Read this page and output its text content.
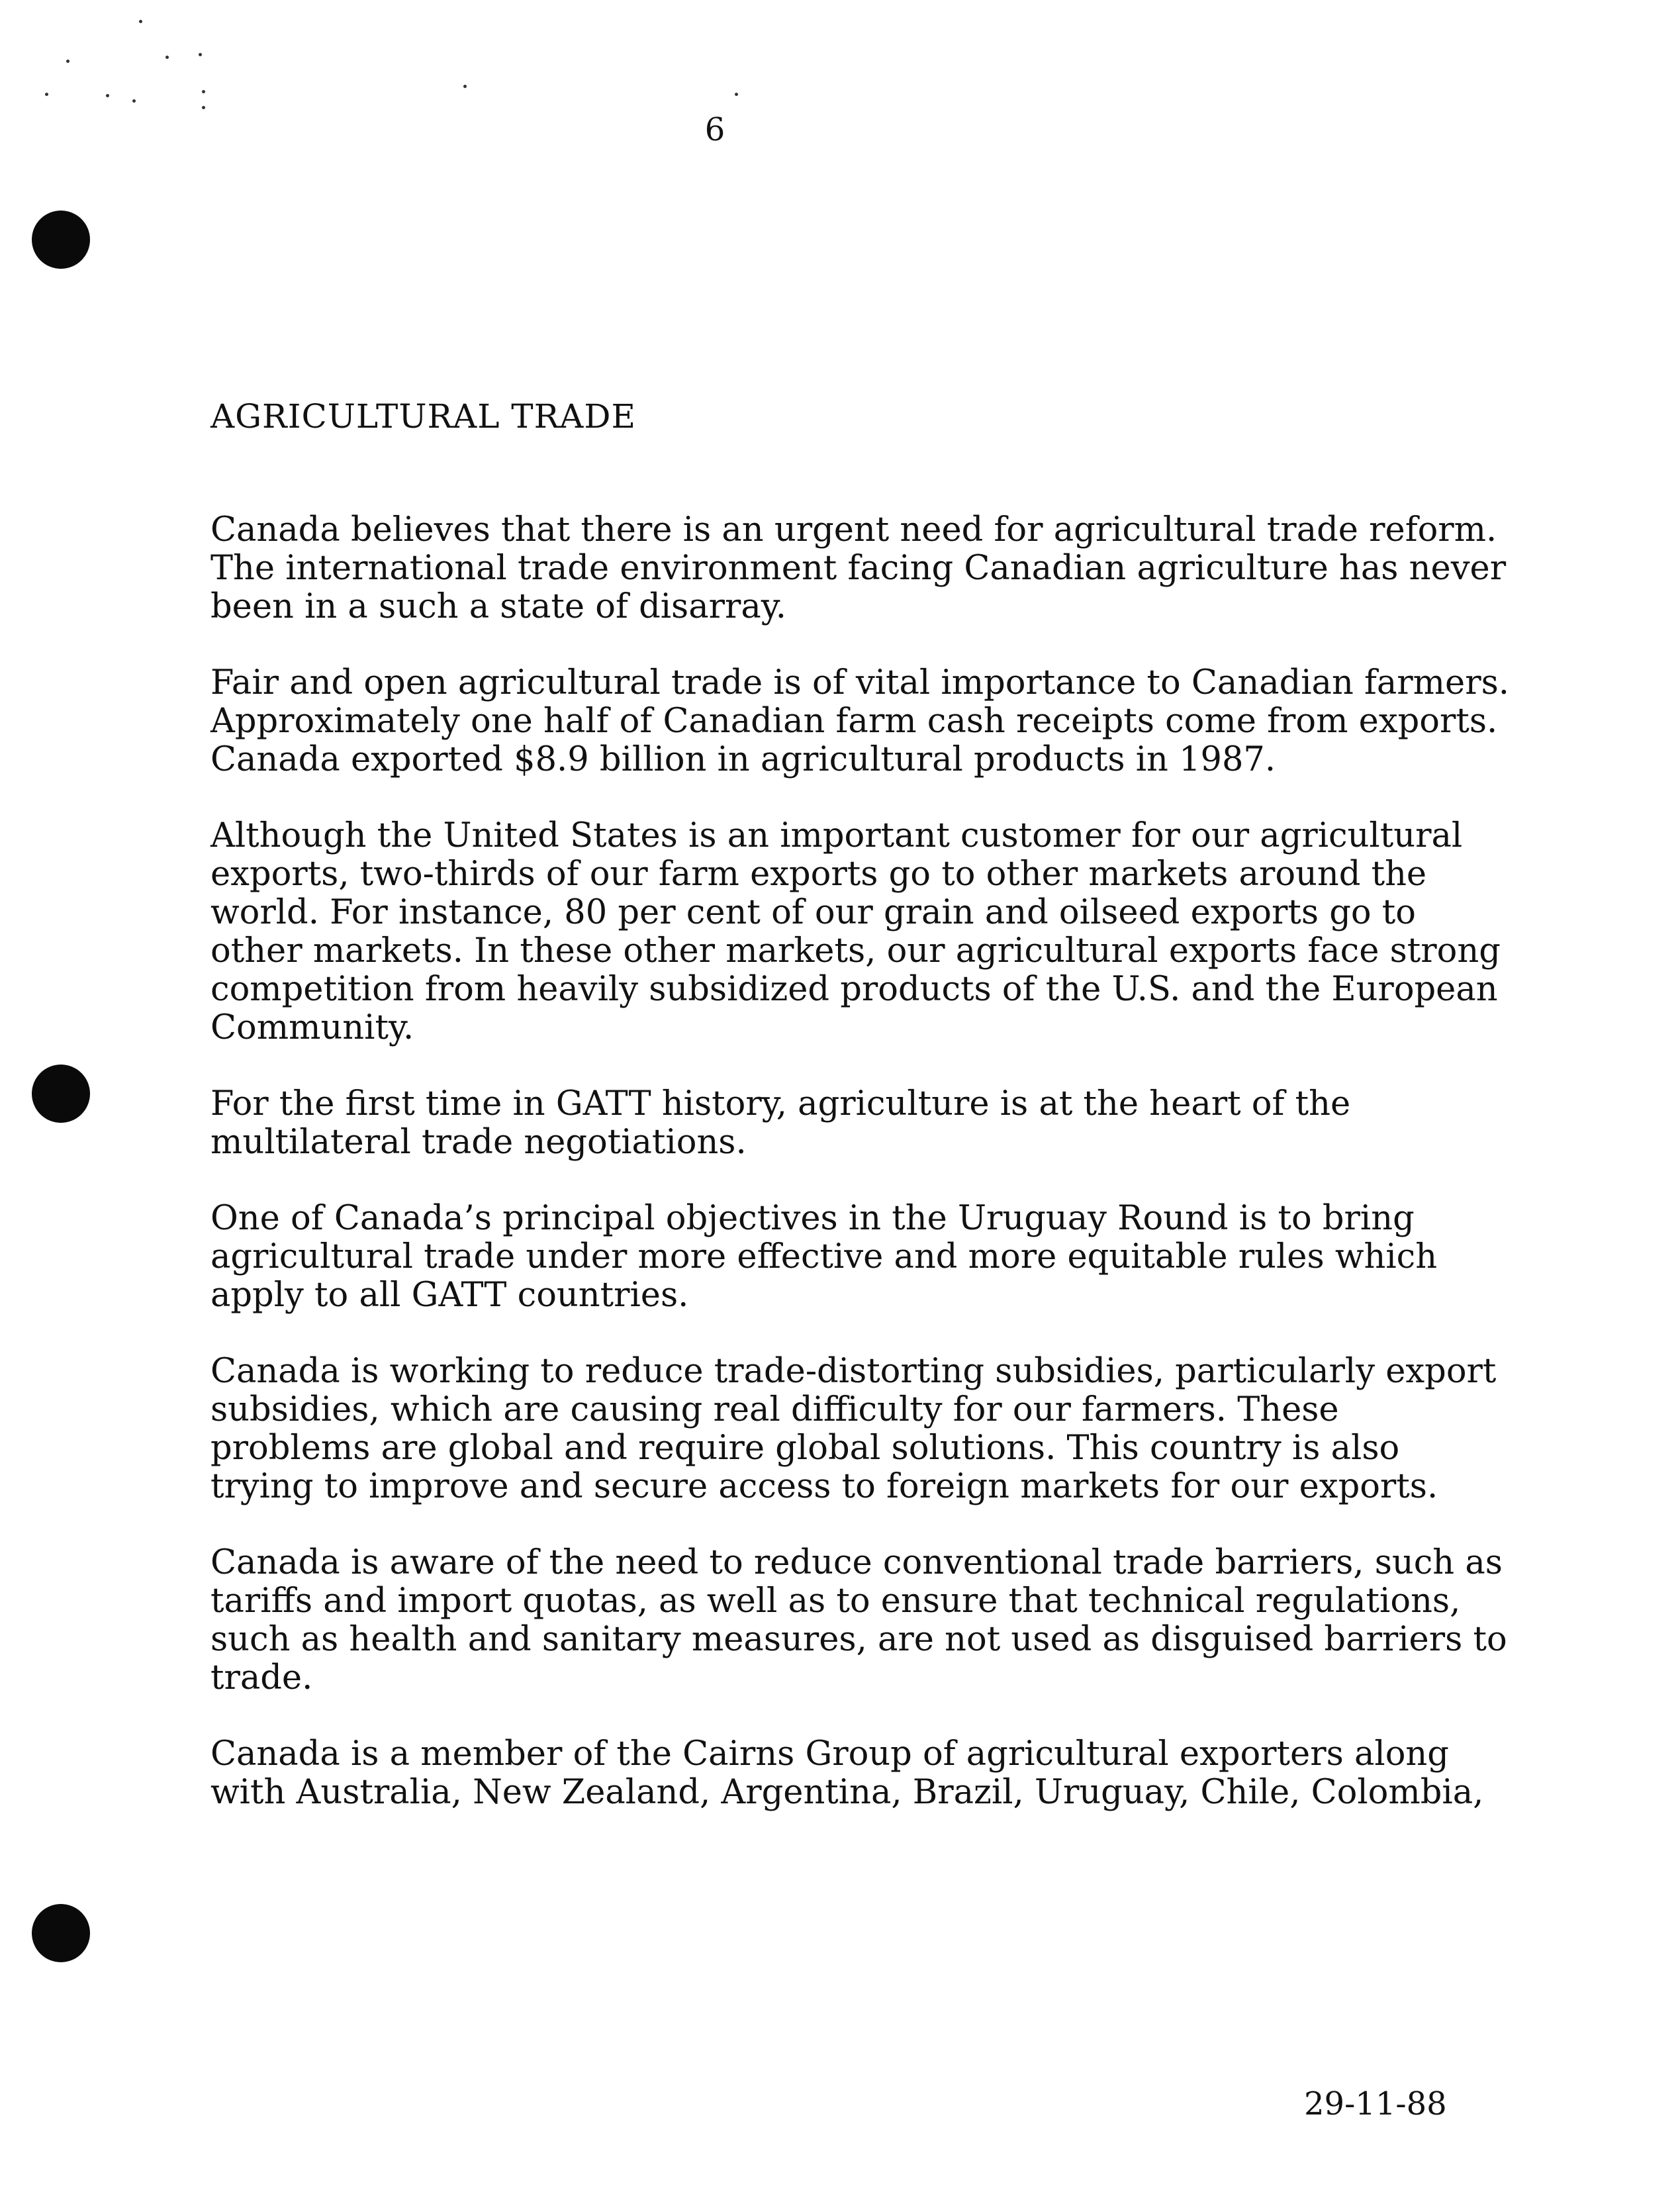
6
AGRICULTURAL TRADE
Canada believes that there is an urgent need for agricultural trade reform.
The international trade environment facing Canadian agriculture has never
been in a such a state of disarray.
Fair and open agricultural trade is of vital importance to Canadian farmers.
Approximately one half of Canadian farm cash receipts come from exports.
Canada exported $8.9 billion in agricultural products in 1987.
Although the United States is an important customer for our agricultural
exports, two-thirds of our farm exports go to other markets around the
world. For instance, 80 per cent of our grain and oilseed exports go to
other markets. In these other markets, our agricultural exports face strong
competition from heavily subsidized products of the U.S. and the European
Community.
For the first time in GATT history, agriculture is at the heart of the
multilateral trade negotiations.
One of Canada’s principal objectives in the Uruguay Round is to bring
agricultural trade under more effective and more equitable rules which
apply to all GATT countries.
Canada is working to reduce trade-distorting subsidies, particularly export
subsidies, which are causing real difficulty for our farmers. These
problems are global and require global solutions. This country is also
trying to improve and secure access to foreign markets for our exports.
Canada is aware of the need to reduce conventional trade barriers, such as
tariffs and import quotas, as well as to ensure that technical regulations,
such as health and sanitary measures, are not used as disguised barriers to
trade.
Canada is a member of the Cairns Group of agricultural exporters along
with Australia, New Zealand, Argentina, Brazil, Uruguay, Chile, Colombia,
29-11-88
